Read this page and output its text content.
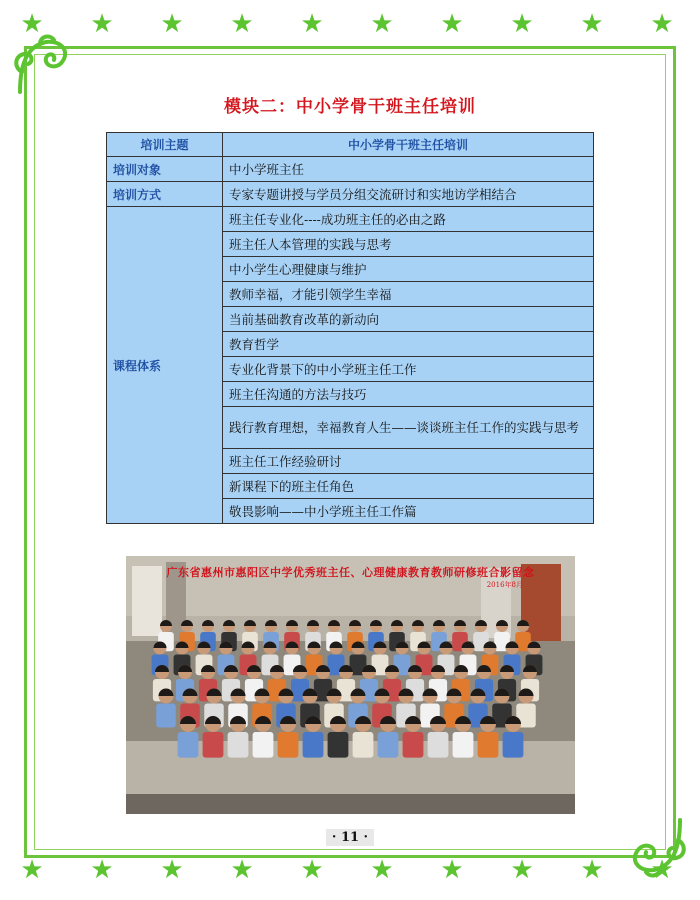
★ ★ ★ ★ ★ ★ ★ ★ ★ ★
★ ★ ★ ★ ★ ★ ★ ★ ★ ★
模块二：中小学骨干班主任培训
培训主题	中小学骨干班主任培训
培训对象	中小学班主任
培训方式	专家专题讲授与学员分组交流研讨和实地访学相结合
课程体系	班主任专业化----成功班主任的必由之路
	班主任人本管理的实践与思考
	中小学生心理健康与维护
	教师幸福，才能引领学生幸福
	当前基础教育改革的新动向
	教育哲学
	专业化背景下的中小学班主任工作
	班主任沟通的方法与技巧
	践行教育理想，幸福教育人生——谈谈班主任工作的实践与思考
	班主任工作经验研讨
	新课程下的班主任角色
	敬畏影响——中小学班主任工作篇
广东省惠州市惠阳区中学优秀班主任、心理健康教育教师研修班合影留念
2016年8月
· 11 ·
